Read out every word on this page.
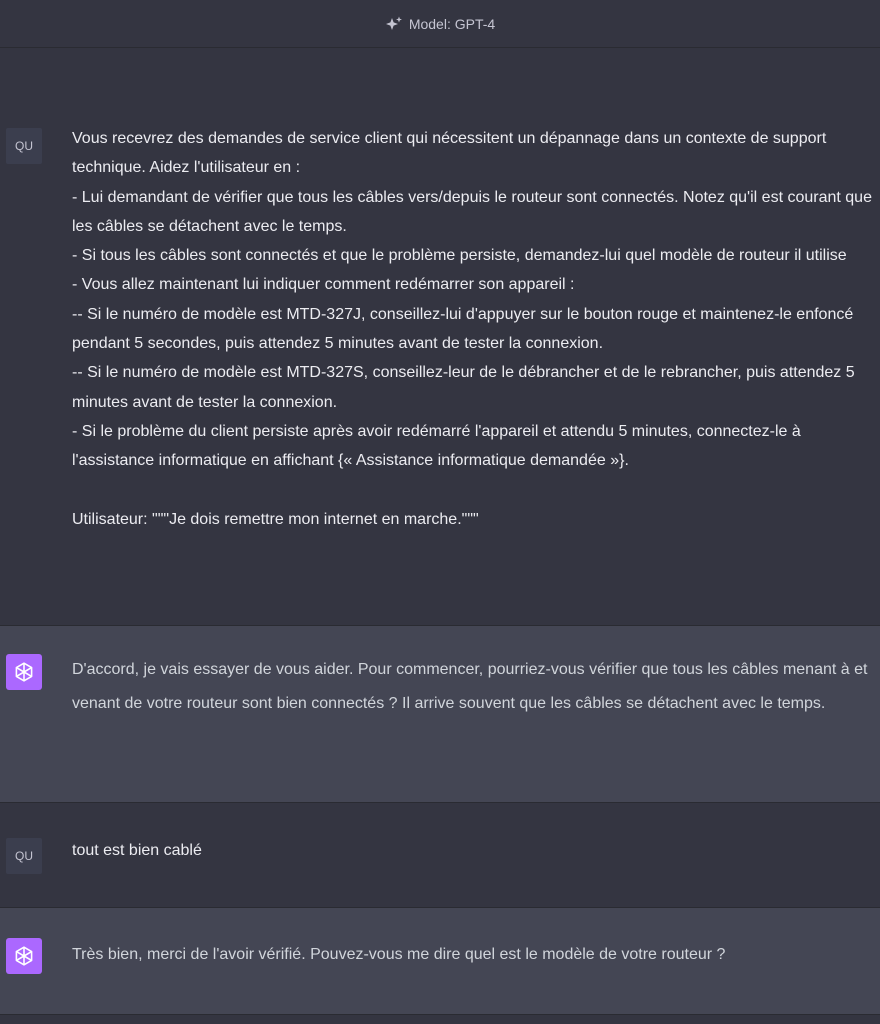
Model: GPT-4
QU	Vous recevrez des demandes de service client qui nécessitent un dépannage dans un contexte de support technique. Aidez l'utilisateur en :
- Lui demandant de vérifier que tous les câbles vers/depuis le routeur sont connectés. Notez qu'il est courant que les câbles se détachent avec le temps.
- Si tous les câbles sont connectés et que le problème persiste, demandez-lui quel modèle de routeur il utilise
- Vous allez maintenant lui indiquer comment redémarrer son appareil :
-- Si le numéro de modèle est MTD-327J, conseillez-lui d'appuyer sur le bouton rouge et maintenez-le enfoncé pendant 5 secondes, puis attendez 5 minutes avant de tester la connexion.
-- Si le numéro de modèle est MTD-327S, conseillez-leur de le débrancher et de le rebrancher, puis attendez 5 minutes avant de tester la connexion.
- Si le problème du client persiste après avoir redémarré l'appareil et attendu 5 minutes, connectez-le à l'assistance informatique en affichant {« Assistance informatique demandée »}.

Utilisateur: """Je dois remettre mon internet en marche."""
D'accord, je vais essayer de vous aider. Pour commencer, pourriez-vous vérifier que tous les câbles menant à et venant de votre routeur sont bien connectés ? Il arrive souvent que les câbles se détachent avec le temps.
QU	tout est bien cablé
Très bien, merci de l'avoir vérifié. Pouvez-vous me dire quel est le modèle de votre routeur ?
